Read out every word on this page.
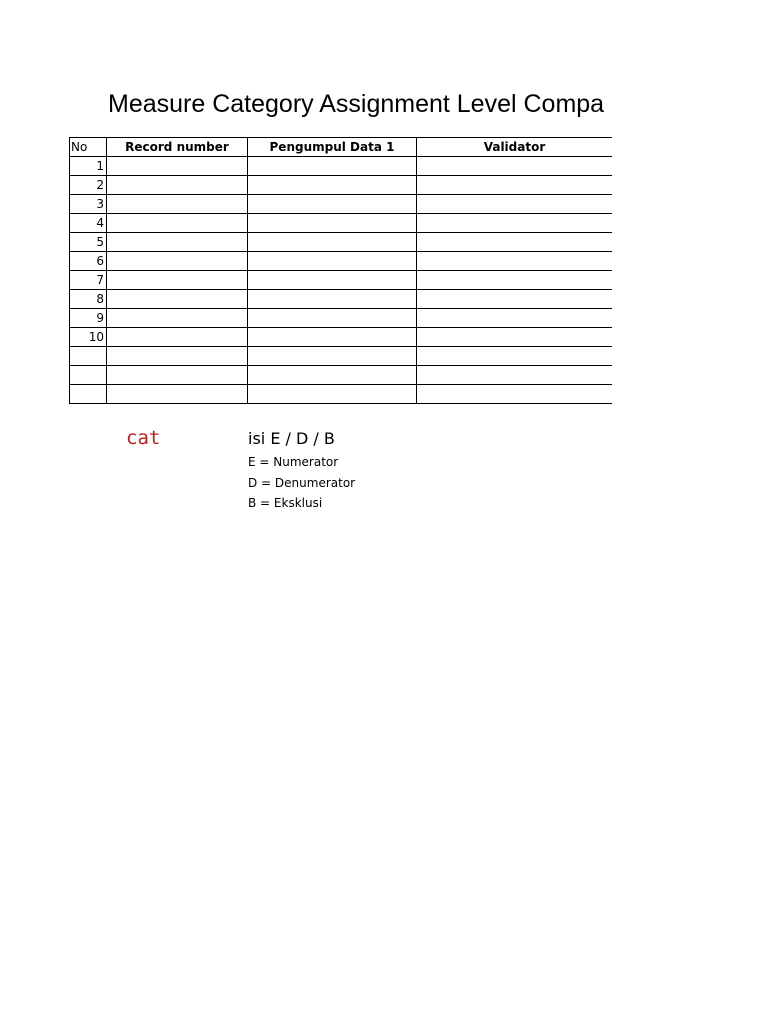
Measure Category Assignment Level Compa
No	Record number	Pengumpul Data 1	Validator
1			
2			
3			
4			
5			
6			
7			
8			
9			
10			

cat	isi E / D / B
E = Numerator
D = Denumerator
B = Eksklusi
